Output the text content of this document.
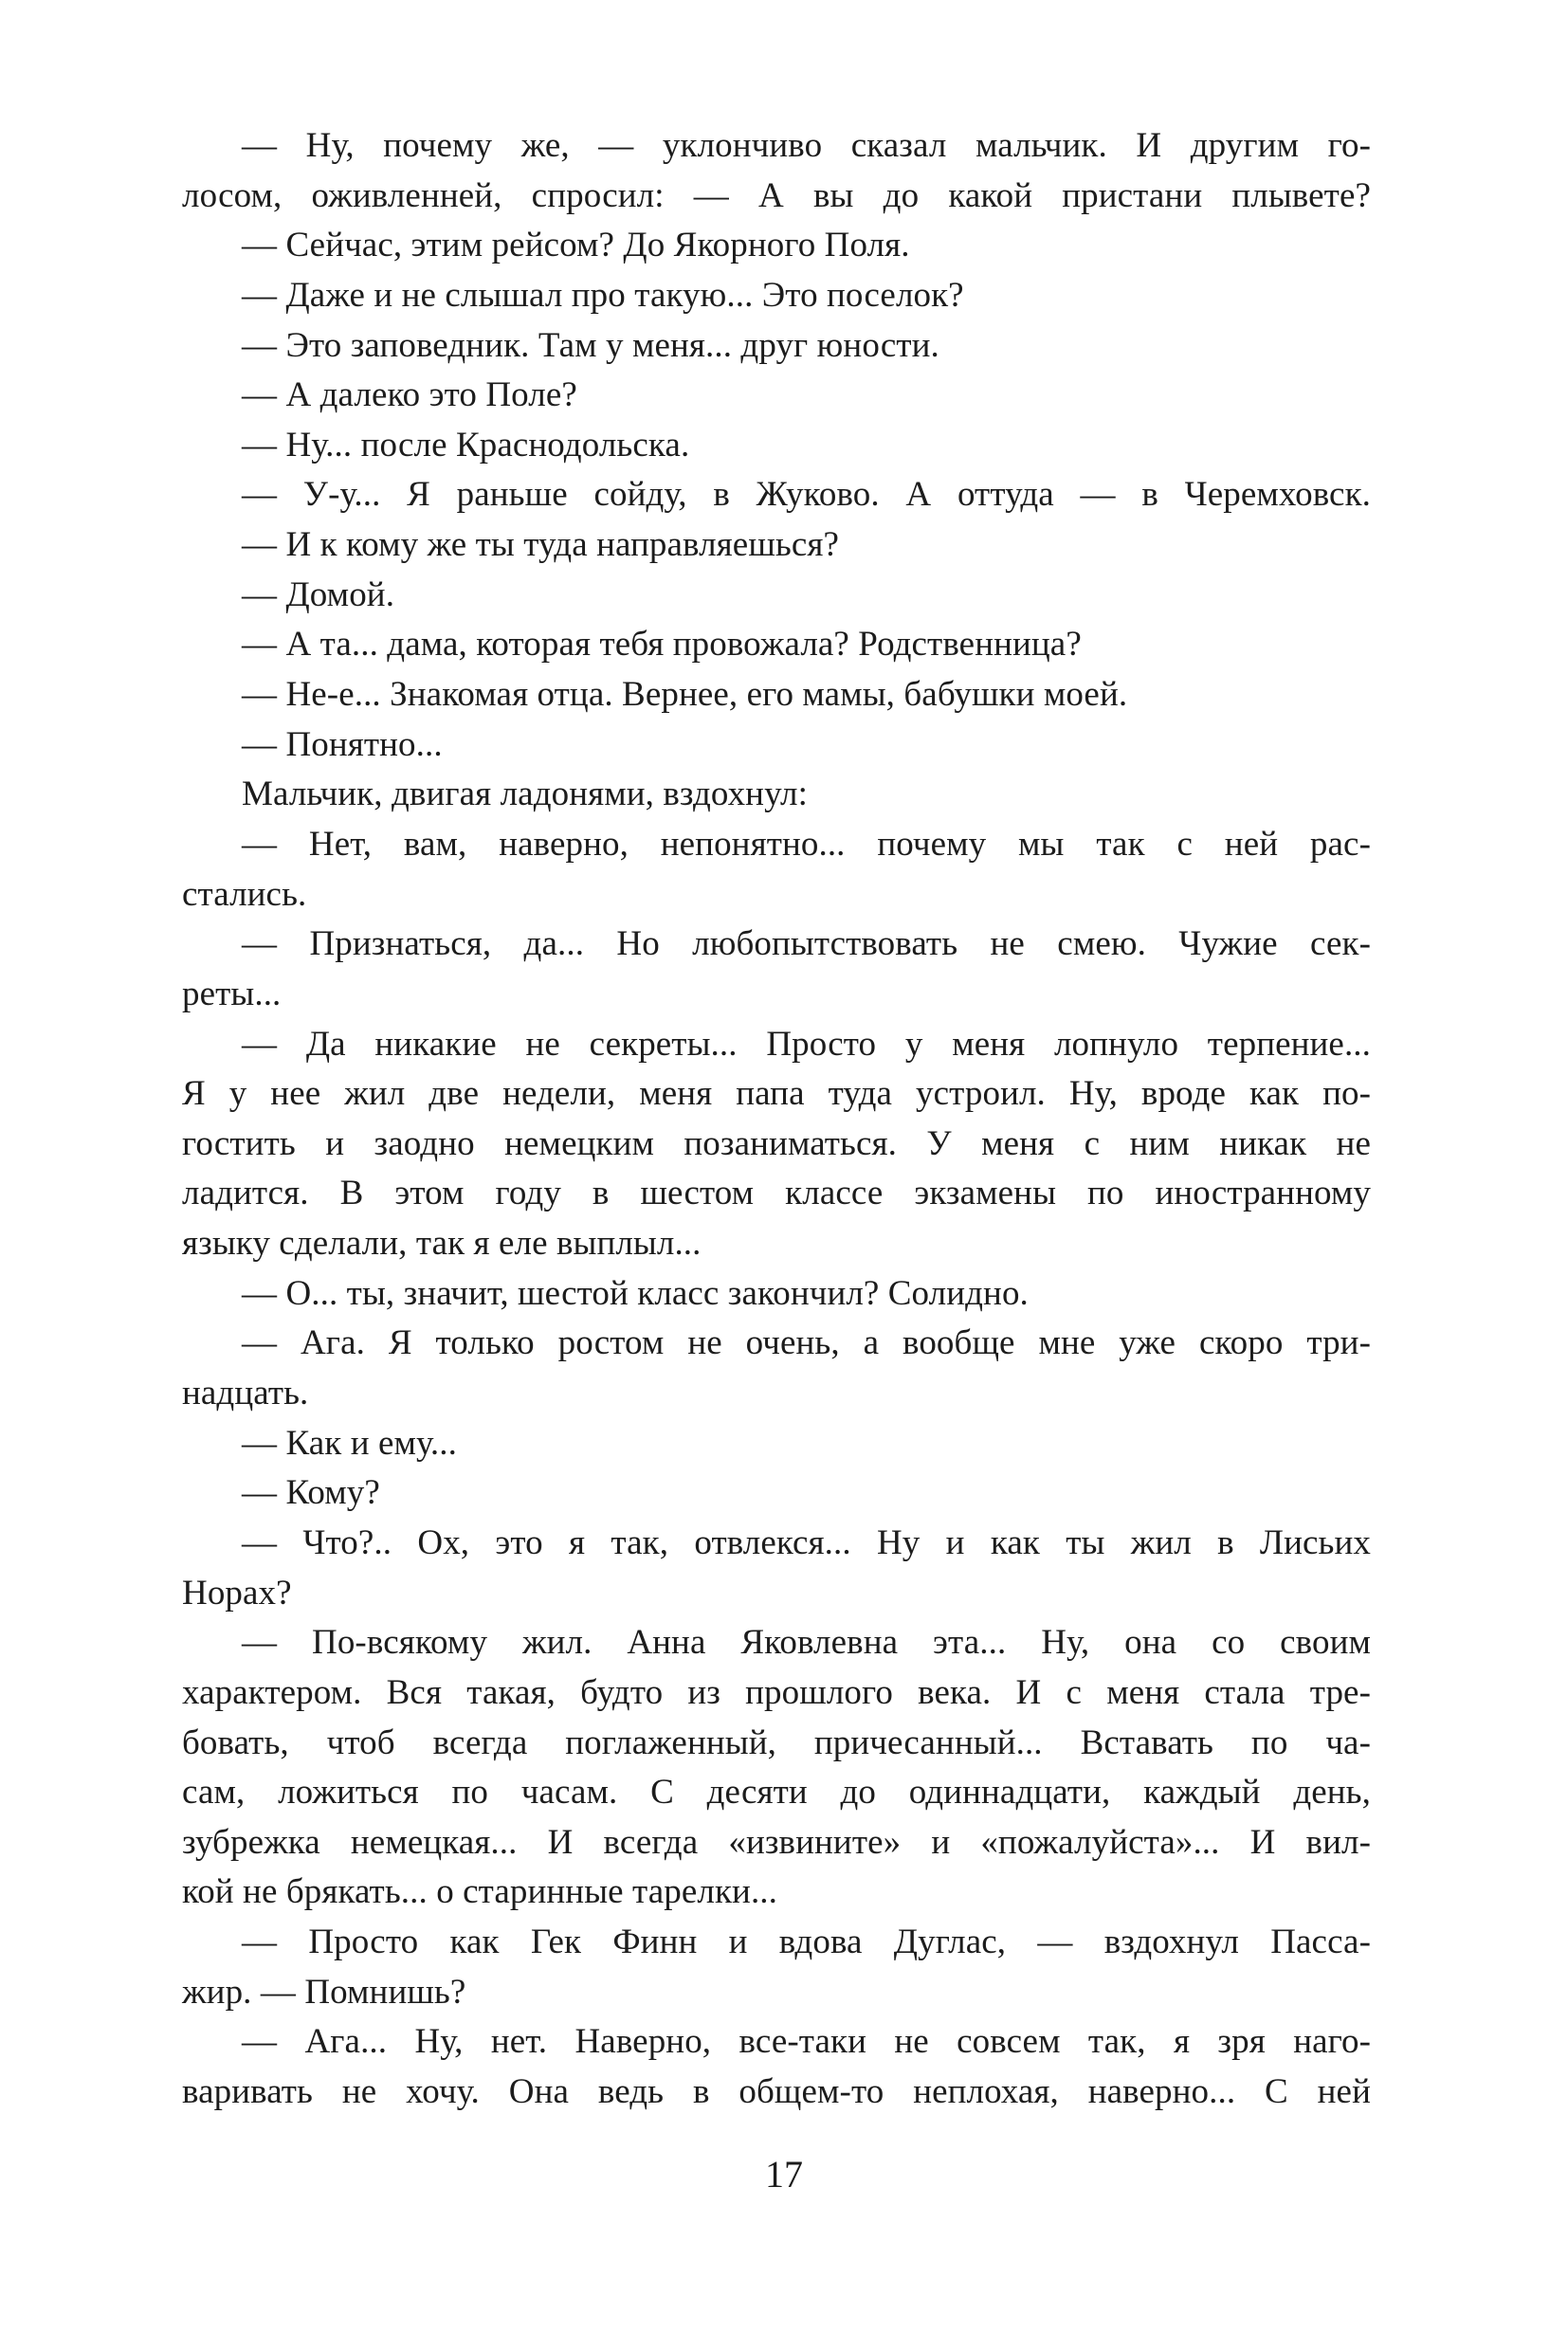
— Ну, почему же, — уклончиво сказал мальчик. И другим го-
лосом, оживленней, спросил: — А вы до какой пристани плывете?
— Сейчас, этим рейсом? До Якорного Поля.
— Даже и не слышал про такую... Это поселок?
— Это заповедник. Там у меня... друг юности.
— А далеко это Поле?
— Ну... после Краснодольска.
— У-у... Я раньше сойду, в Жуково. А оттуда — в Черемховск.
— И к кому же ты туда направляешься?
— Домой.
— А та... дама, которая тебя провожала? Родственница?
— Не-е... Знакомая отца. Вернее, его мамы, бабушки моей.
— Понятно...
Мальчик, двигая ладонями, вздохнул:
— Нет, вам, наверно, непонятно... почему мы так с ней рас-
стались.
— Признаться, да... Но любопытствовать не смею. Чужие сек-
реты...
— Да никакие не секреты... Просто у меня лопнуло терпение...
Я у нее жил две недели, меня папа туда устроил. Ну, вроде как по-
гостить и заодно немецким позаниматься. У меня с ним никак не
ладится. В этом году в шестом классе экзамены по иностранному
языку сделали, так я еле выплыл...
— О... ты, значит, шестой класс закончил? Солидно.
— Ага. Я только ростом не очень, а вообще мне уже скоро три-
надцать.
— Как и ему...
— Кому?
— Что?.. Ох, это я так, отвлекся... Ну и как ты жил в Лисьих
Норах?
— По-всякому жил. Анна Яковлевна эта... Ну, она со своим
характером. Вся такая, будто из прошлого века. И с меня стала тре-
бовать, чтоб всегда поглаженный, причесанный... Вставать по ча-
сам, ложиться по часам. С десяти до одиннадцати, каждый день,
зубрежка немецкая... И всегда «извините» и «пожалуйста»... И вил-
кой не брякать... о старинные тарелки...
— Просто как Гек Финн и вдова Дуглас, — вздохнул Пасса-
жир. — Помнишь?
— Ага... Ну, нет. Наверно, все-таки не совсем так, я зря наго-
варивать не хочу. Она ведь в общем-то неплохая, наверно... С ней
17
